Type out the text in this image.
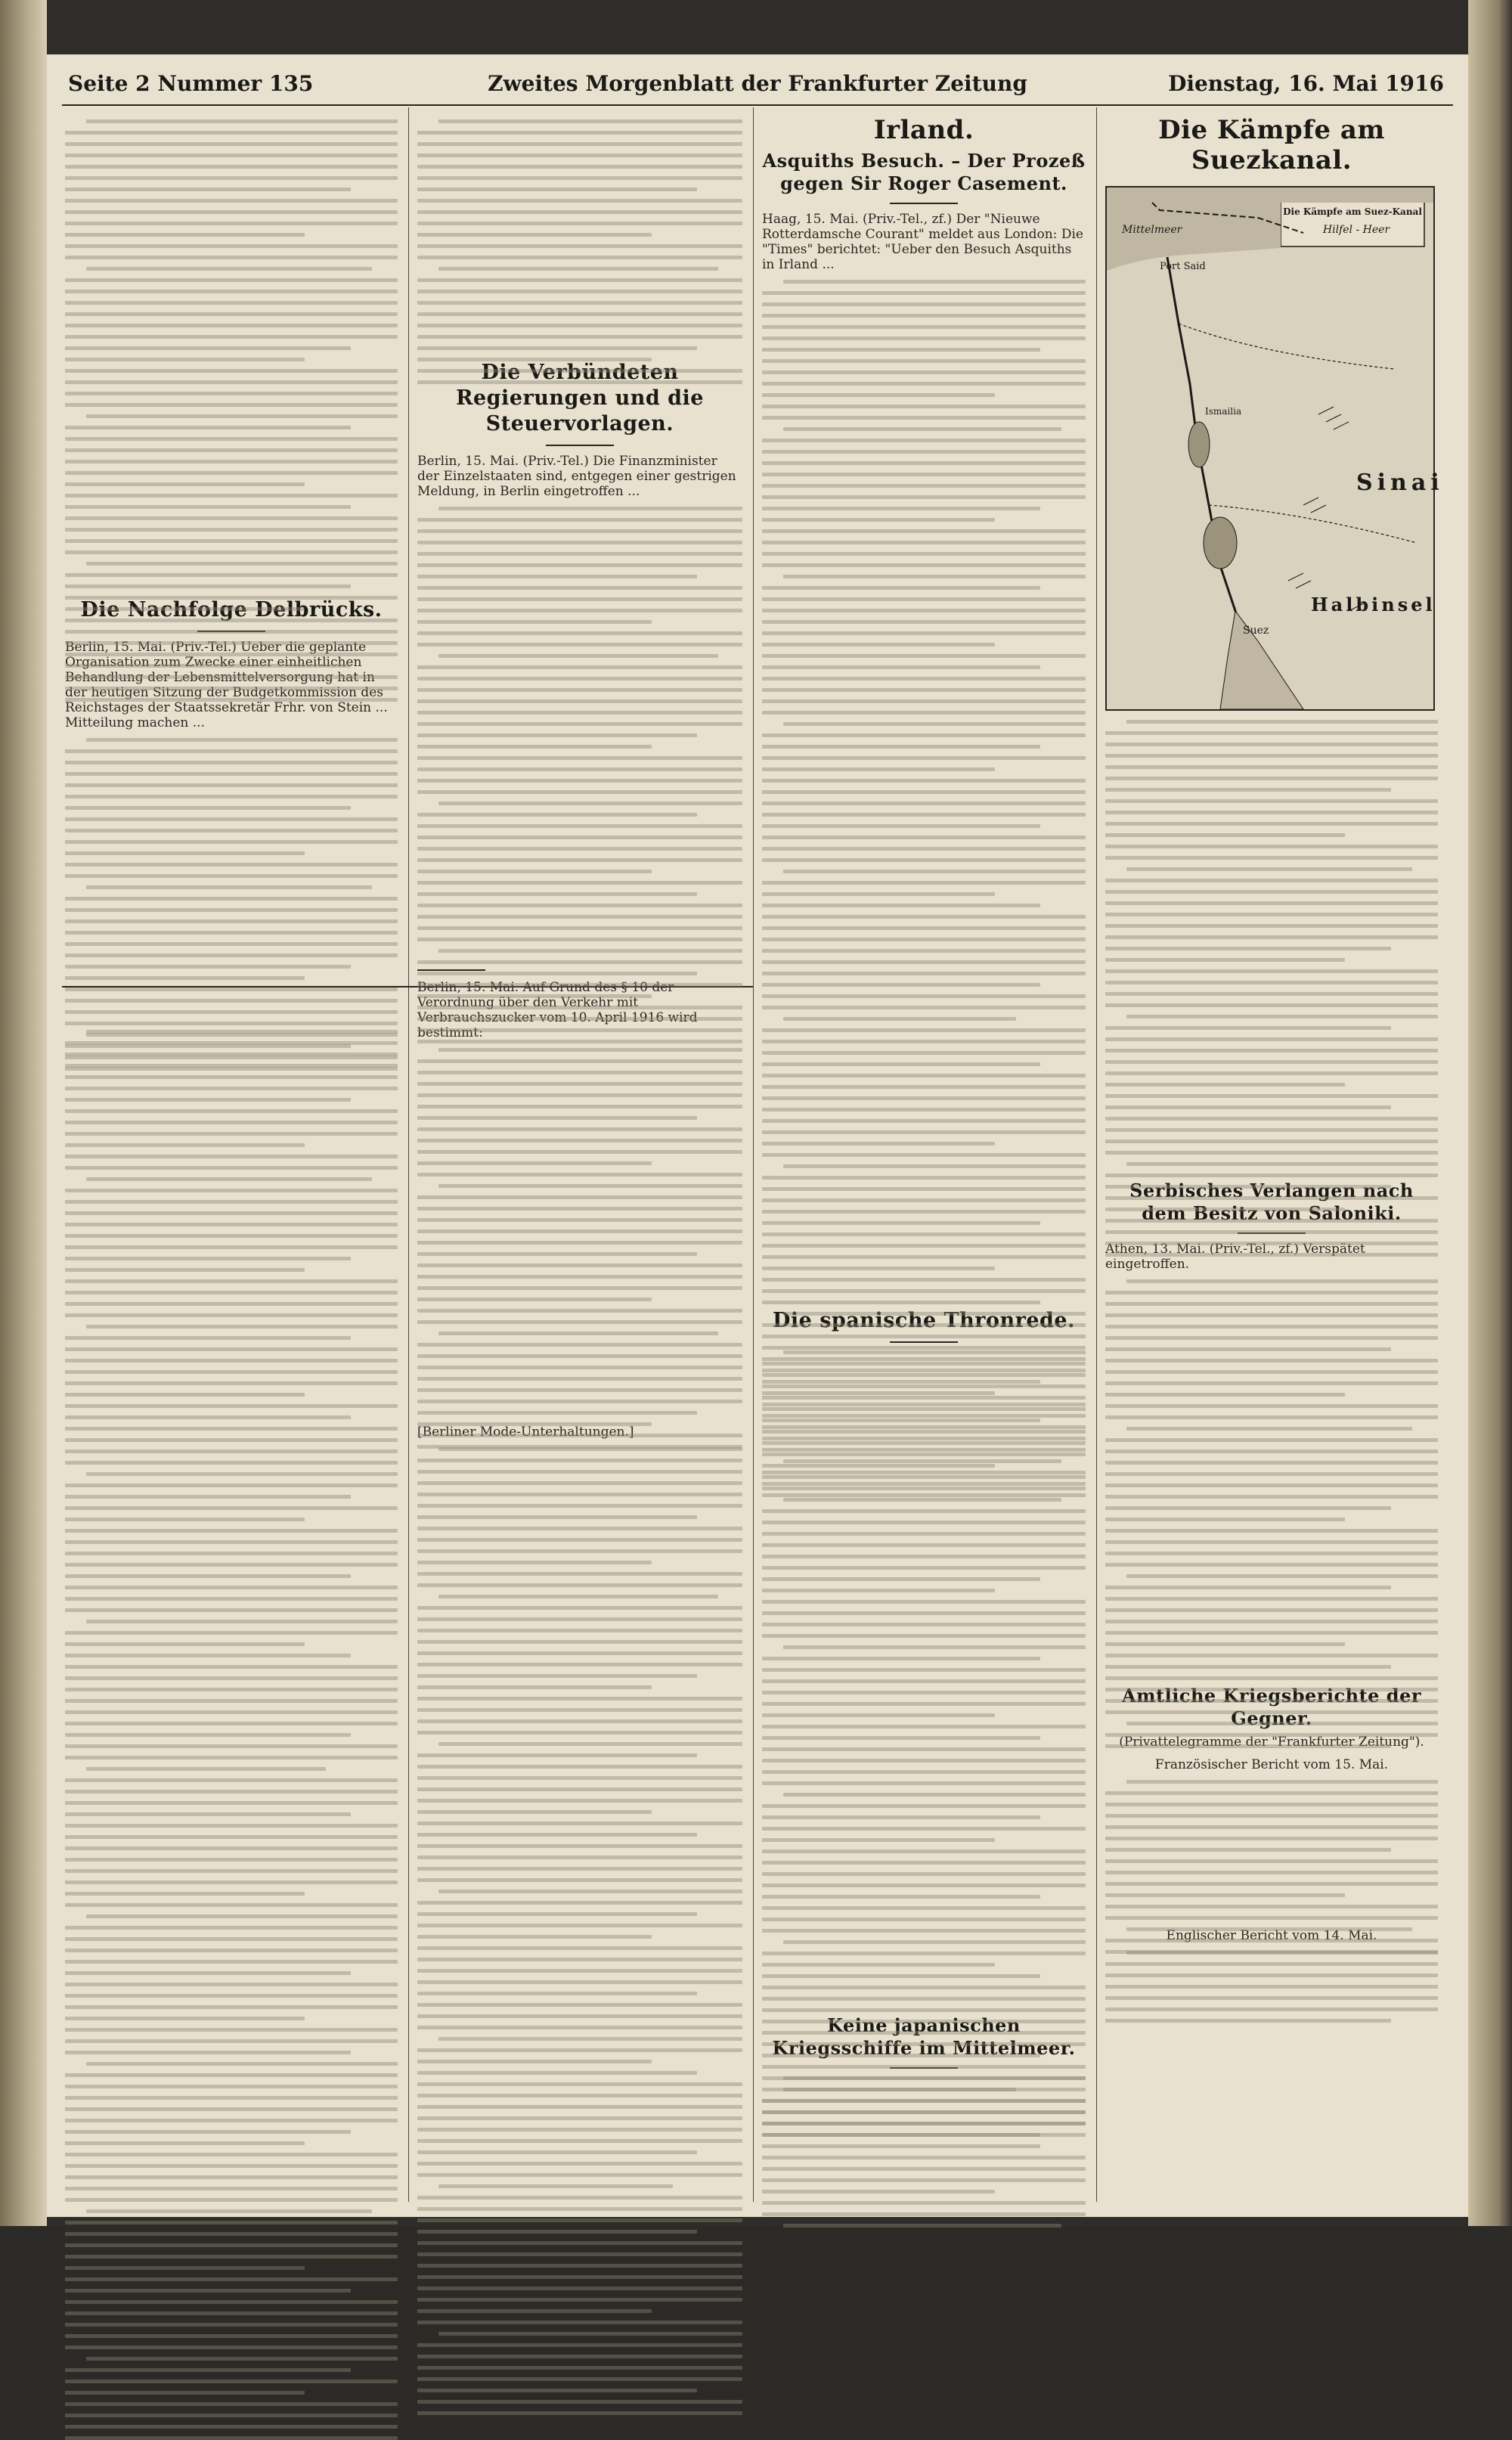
Seite 2 Nummer 135	Zweites Morgenblatt der Frankfurter Zeitung	Dienstag, 16. Mai 1916
Die Nachfolge Delbrücks.
Berlin, 15. Mai. (Priv.-Tel.) Ueber die geplante Organisation zum Zwecke einer einheitlichen Behandlung der Lebensmittelversorgung hat in der heutigen Sitzung der Budgetkommission des Reichstages der Staatssekretär Frhr. von Stein ... Mitteilung machen ...
Die Verbündeten Regierungen und die Steuervorlagen.
Berlin, 15. Mai. (Priv.-Tel.) Die Finanzminister der Einzelstaaten sind, entgegen einer gestrigen Meldung, in Berlin eingetroffen ...
Berlin, 15. Mai. Auf Grund des § 10 der Verordnung über den Verkehr mit Verbrauchszucker vom 10. April 1916 wird bestimmt:
[Berliner Mode-Unterhaltungen.]
Irland.
Asquiths Besuch. – Der Prozeß gegen Sir Roger Casement.
Haag, 15. Mai. (Priv.-Tel., zf.) Der "Nieuwe Rotterdamsche Courant" meldet aus London: Die "Times" berichtet: "Ueber den Besuch Asquiths in Irland ...
Die spanische Thronrede.
Keine japanischen Kriegsschiffe im Mittelmeer.
Die Kämpfe am Suezkanal.
Die Kämpfe am Suez-Kanal
Hilfel - Heer
Port Said
Mittelmeer
Sinai
Halbinsel
Suez
Ismailia
Serbisches Verlangen nach dem Besitz von Saloniki.
Athen, 13. Mai. (Priv.-Tel., zf.) Verspätet eingetroffen.
Amtliche Kriegsberichte der Gegner.
(Privattelegramme der "Frankfurter Zeitung").
Französischer Bericht vom 15. Mai.
Englischer Bericht vom 14. Mai.
